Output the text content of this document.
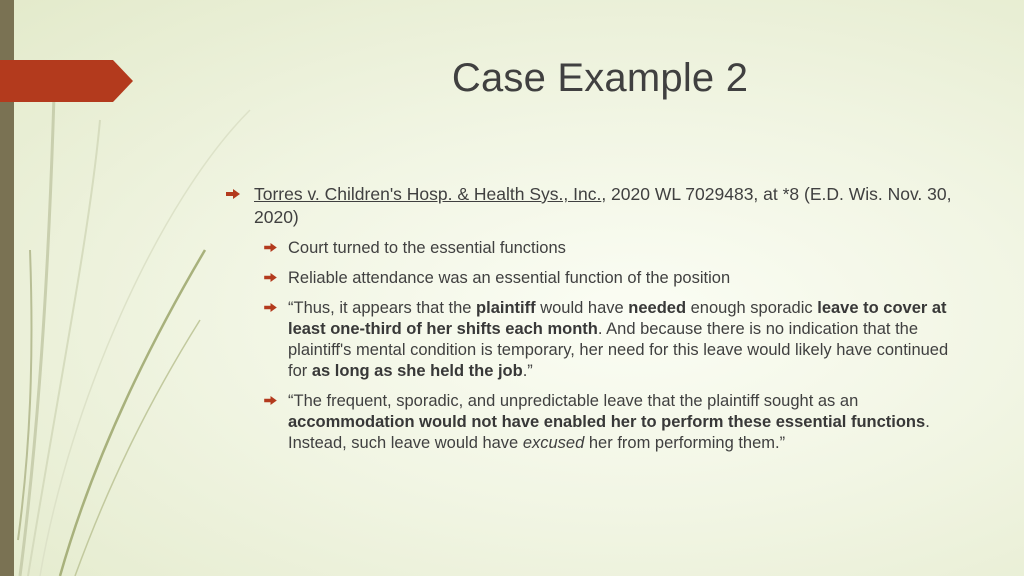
Case Example 2
Torres v. Children's Hosp. & Health Sys., Inc., 2020 WL 7029483, at *8 (E.D. Wis. Nov. 30, 2020)
Court turned to the essential functions
Reliable attendance was an essential function of the position
“Thus, it appears that the plaintiff would have needed enough sporadic leave to cover at least one-third of her shifts each month. And because there is no indication that the plaintiff's mental condition is temporary, her need for this leave would likely have continued for as long as she held the job.”
“The frequent, sporadic, and unpredictable leave that the plaintiff sought as an accommodation would not have enabled her to perform these essential functions. Instead, such leave would have excused her from performing them.”
